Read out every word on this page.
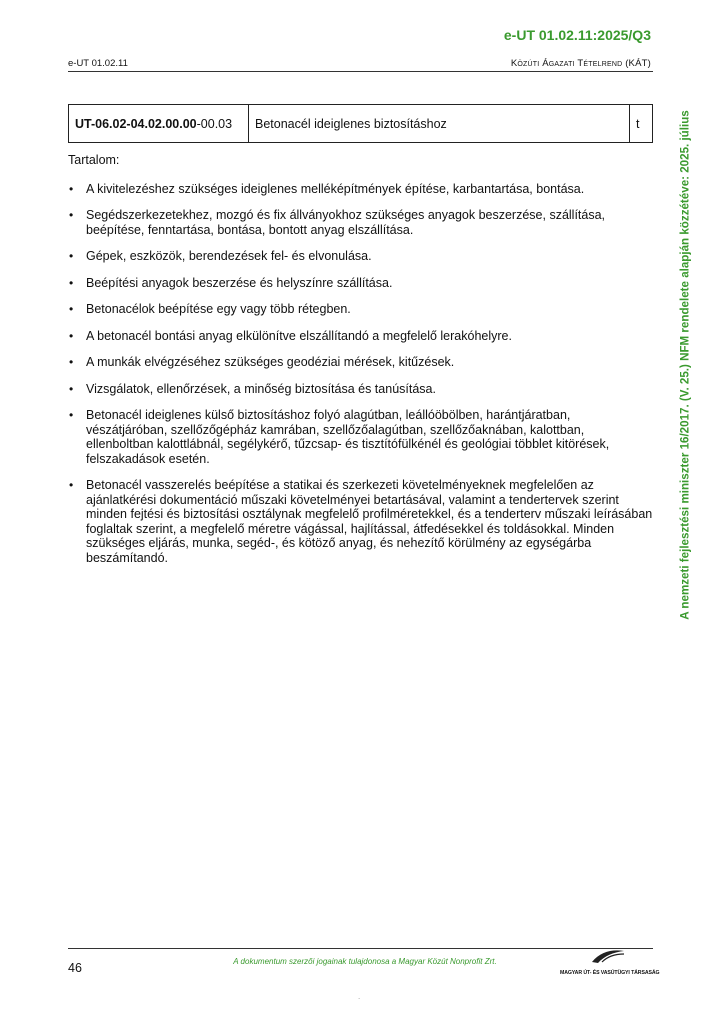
e-UT 01.02.11:2025/Q3
e-UT 01.02.11	Közúti Ágazati Tételrend (KÁT)
UT-06.02-04.02.00.00-00.03	Betonacél ideiglenes biztosításhoz	t

Tartalom:

• A kivitelezéshez szükséges ideiglenes melléképítmények építése, karbantartása, bontása.
• Segédszerkezetekhez, mozgó és fix állványokhoz szükséges anyagok beszerzése, szállítása, beépítése, fenntartása, bontása, bontott anyag elszállítása.
• Gépek, eszközök, berendezések fel- és elvonulása.
• Beépítési anyagok beszerzése és helyszínre szállítása.
• Betonacélok beépítése egy vagy több rétegben.
• A betonacél bontási anyag elkülönítve elszállítandó a megfelelő lerakóhelyre.
• A munkák elvégzéséhez szükséges geodéziai mérések, kitűzések.
• Vizsgálatok, ellenőrzések, a minőség biztosítása és tanúsítása.
• Betonacél ideiglenes külső biztosításhoz folyó alagútban, leállóöbölben, harántjáratban, vészátjáróban, szellőzőgépház kamrában, szellőzőalagútban, szellőzőaknában, kalottban, ellenboltban kalottlábnál, segélykérő, tűzcsap- és tisztítófülkénél és geológiai többlet kitörések, felszakadások esetén.
• Betonacél vasszerelés beépítése a statikai és szerkezeti követelményeknek megfelelően az ajánlatkérési dokumentáció műszaki követelményei betartásával, valamint a tendertervek szerint minden fejtési és biztosítási osztálynak megfelelő profilméretekkel, és a tenderterv műszaki leírásában foglaltak szerint, a megfelelő méretre vágással, hajlítással, átfedésekkel és toldásokkal. Minden szükséges eljárás, munka, segéd-, és kötöző anyag, és nehezítő körülmény az egységárba beszámítandó.	A nemzeti fejlesztési miniszter 16/2017. (V. 25.) NFM rendelete alapján közzétéve: 2025. július
46	A dokumentum szerzői jogainak tulajdonosa a Magyar Közút Nonprofit Zrt.
MAGYAR ÚT- ÉS VASÚTÜGYI TÁRSASÁG
.
